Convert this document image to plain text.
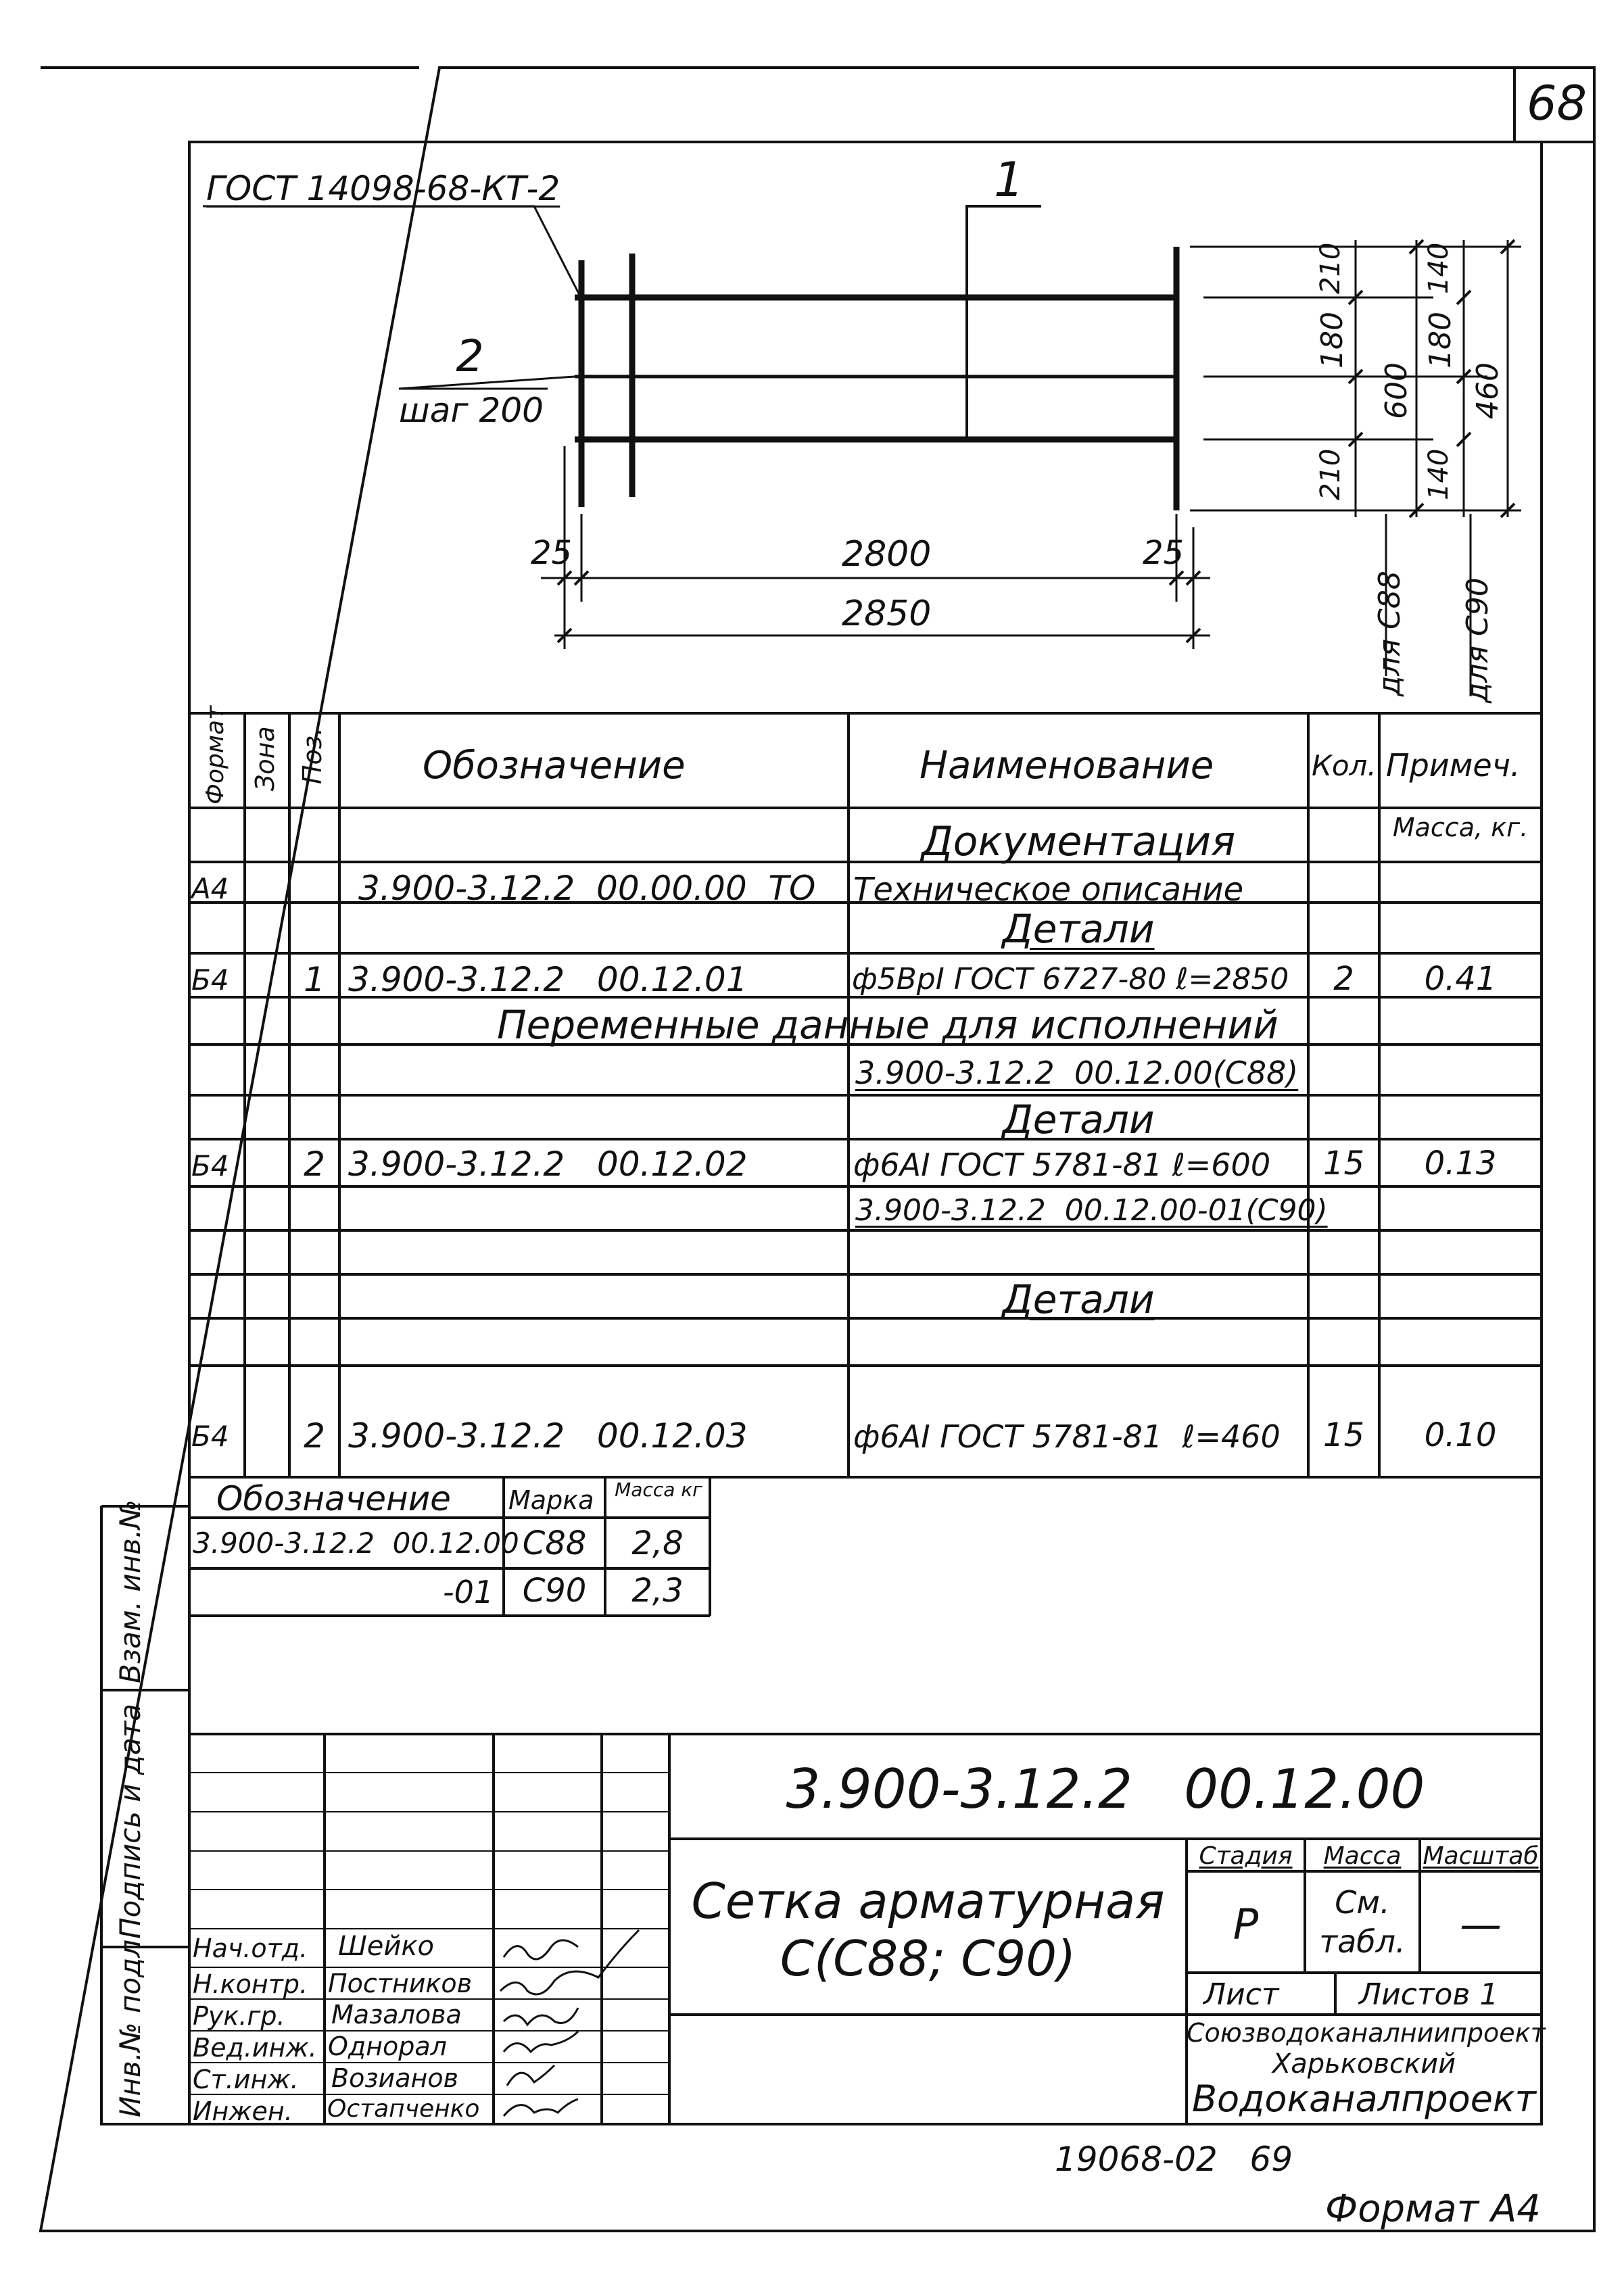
68
ГОСТ 14098-68-КТ-2	1
2
шаг 200
25	2800	25
2850
210
180
210
600
140
180
140
460
для С88 для С90
Формат Зона Поз.	Обозначение	Наименование	Кол. Примеч.
Документация	Масса, кг.
А4	3.900-3.12.2  00.00.00  ТО Техническое описание
Детали
Б4	1 3.900-3.12.2   00.12.01	ф5ВрI ГОСТ 6727-80 ℓ=2850	2	0.41
Переменные данные для исполнений
3.900-3.12.2  00.12.00(С88)
Детали
Б4	2 3.900-3.12.2   00.12.02	ф6АI ГОСТ 5781-81 ℓ=600	15	0.13
3.900-3.12.2  00.12.00-01(С90)
Детали
Б4	2 3.900-3.12.2   00.12.03	ф6АI ГОСТ 5781-81  ℓ=460	15	0.10
Обозначение Марка	Масса кг
3.900-3.12.2  00.12.00 С88	2,8
-01 С90	2,3
Инв.№ подл.
Подпись и дата
Взам. инв.№
3.900-3.12.2   00.12.00
Сетка арматурная
С(С88; С90)
Стадия	Масса Масштаб
Р	См. табл.	—
Лист	Листов 1
Союзводоканалниипроект
Харьковский
Водоканалпроект
Нач.отд. Шейко
Н.контр. Постников
Рук.гр. Мазалова
Вед.инж. Однорал
Ст.инж. Возианов
Инжен. Остапченко
19068-02   69
Формат А4
